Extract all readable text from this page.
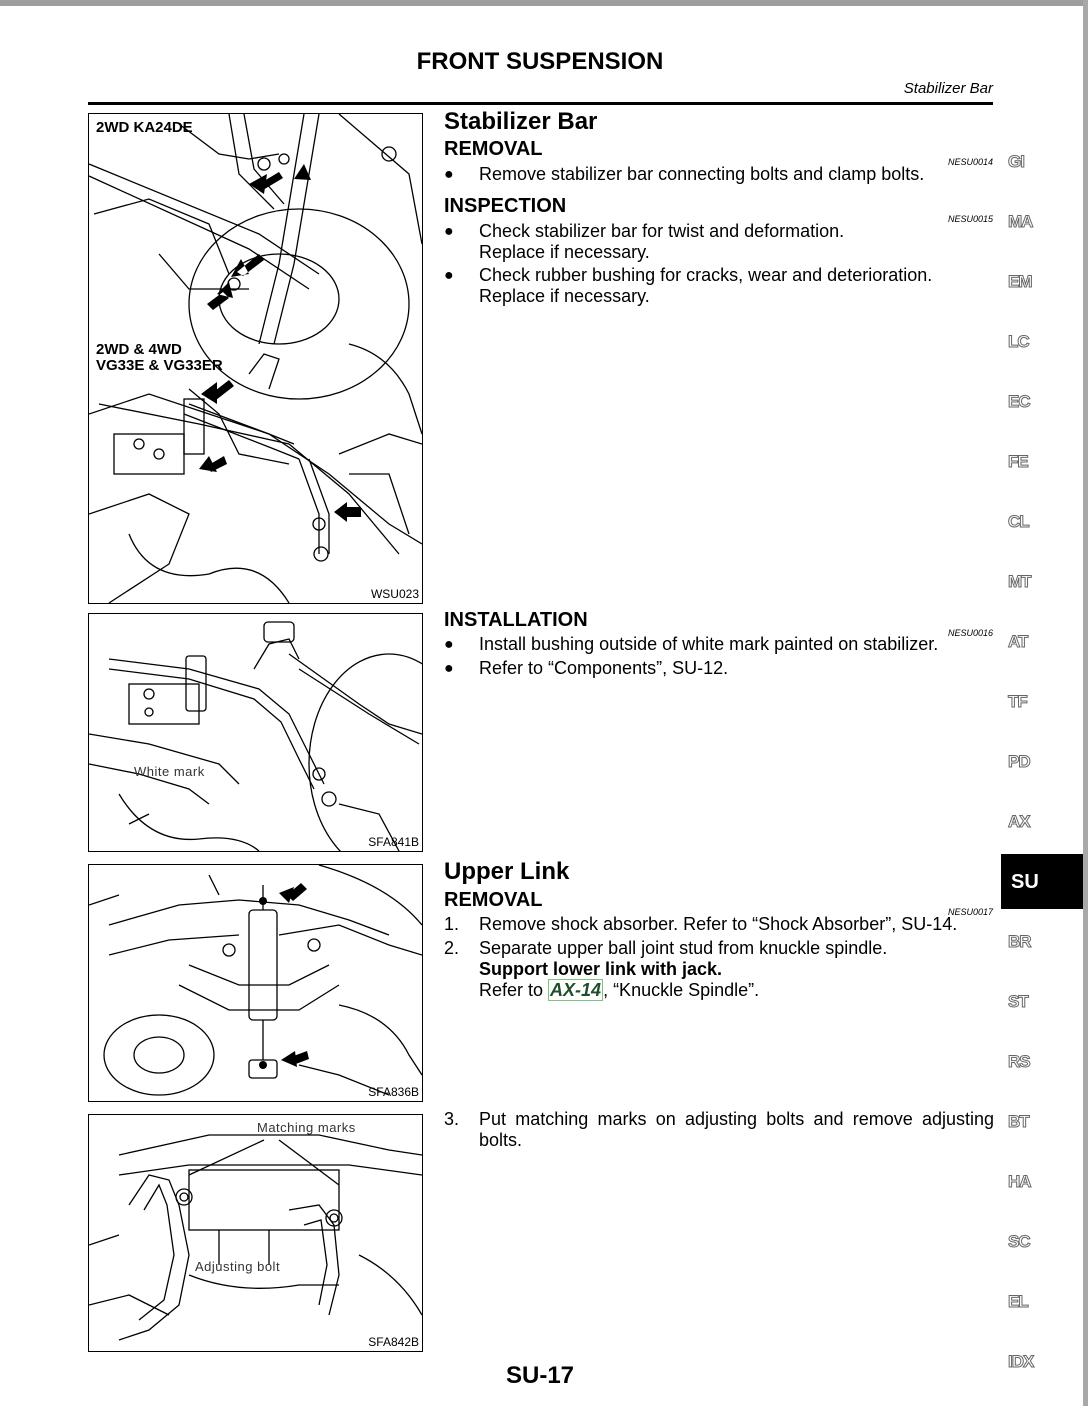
FRONT SUSPENSION
Stabilizer Bar
2WD KA24DE
2WD & 4WD
VG33E & VG33ER
WSU023
White mark
SFA841B
SFA836B
Matching marks
Adjusting bolt
SFA842B
Stabilizer Bar
REMOVAL
NESU0014
● Remove stabilizer bar connecting bolts and clamp bolts.
INSPECTION
NESU0015
● Check stabilizer bar for twist and deformation.
Replace if necessary.
● Check rubber bushing for cracks, wear and deterioration.
Replace if necessary.
INSTALLATION
NESU0016
● Install bushing outside of white mark painted on stabilizer.
● Refer to “Components”, SU-12.
Upper Link
REMOVAL
NESU0017
1. Remove shock absorber. Refer to “Shock Absorber”, SU-14.
2. Separate upper ball joint stud from knuckle spindle.
Support lower link with jack.
Refer to AX-14 , “Knuckle Spindle”.
3. Put matching marks on adjusting bolts and remove adjusting bolts.
GI
MA
EM
LC
EC
FE
CL
MT
AT
TF
PD
AX
BR
ST
RS
BT
HA
SC
EL
IDX
SU
SU-17
